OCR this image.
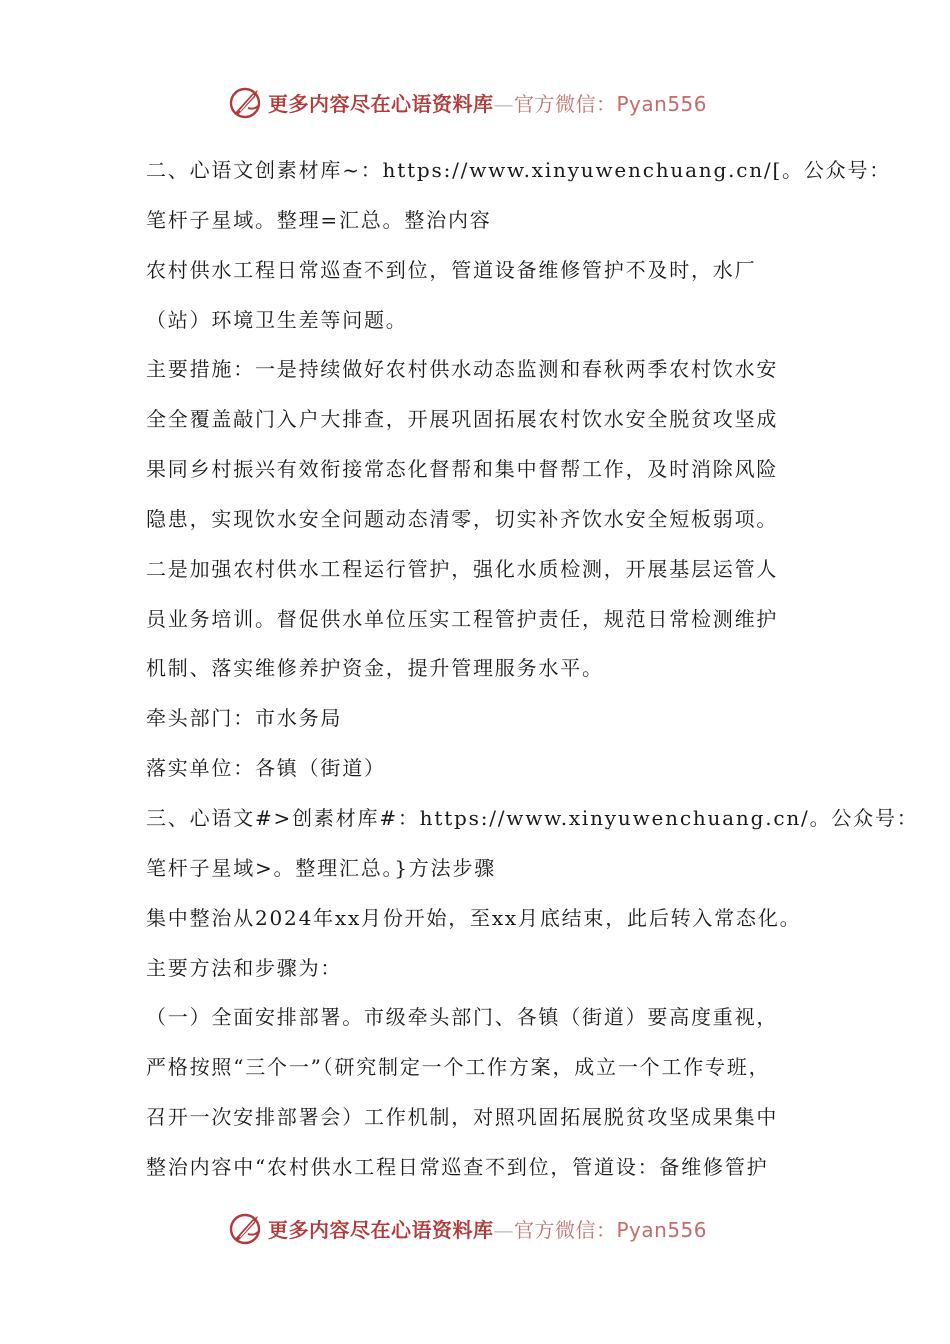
更多内容尽在心语资料库—官方微信：Pyan556
二、心语文创素材库~：https://www.xinyuwenchuang.cn/[。公众号：
笔杆子星域。整理=汇总。整治内容
农村供水工程日常巡查不到位，管道设备维修管护不及时，水厂
（站）环境卫生差等问题。
主要措施：一是持续做好农村供水动态监测和春秋两季农村饮水安
全全覆盖敲门入户大排查，开展巩固拓展农村饮水安全脱贫攻坚成
果同乡村振兴有效衔接常态化督帮和集中督帮工作，及时消除风险
隐患，实现饮水安全问题动态清零，切实补齐饮水安全短板弱项。
二是加强农村供水工程运行管护，强化水质检测，开展基层运管人
员业务培训。督促供水单位压实工程管护责任，规范日常检测维护
机制、落实维修养护资金，提升管理服务水平。
牵头部门：市水务局
落实单位：各镇（街道）
三、心语文#>创素材库#：https://www.xinyuwenchuang.cn/。公众号：
笔杆子星域>。整理汇总。}方法步骤
集中整治从2024年xx月份开始，至xx月底结束，此后转入常态化。
主要方法和步骤为：
（一）全面安排部署。市级牵头部门、各镇（街道）要高度重视，
严格按照“三个一”（研究制定一个工作方案，成立一个工作专班，
召开一次安排部署会）工作机制，对照巩固拓展脱贫攻坚成果集中
整治内容中“农村供水工程日常巡查不到位，管道设：备维修管护
更多内容尽在心语资料库—官方微信：Pyan556
